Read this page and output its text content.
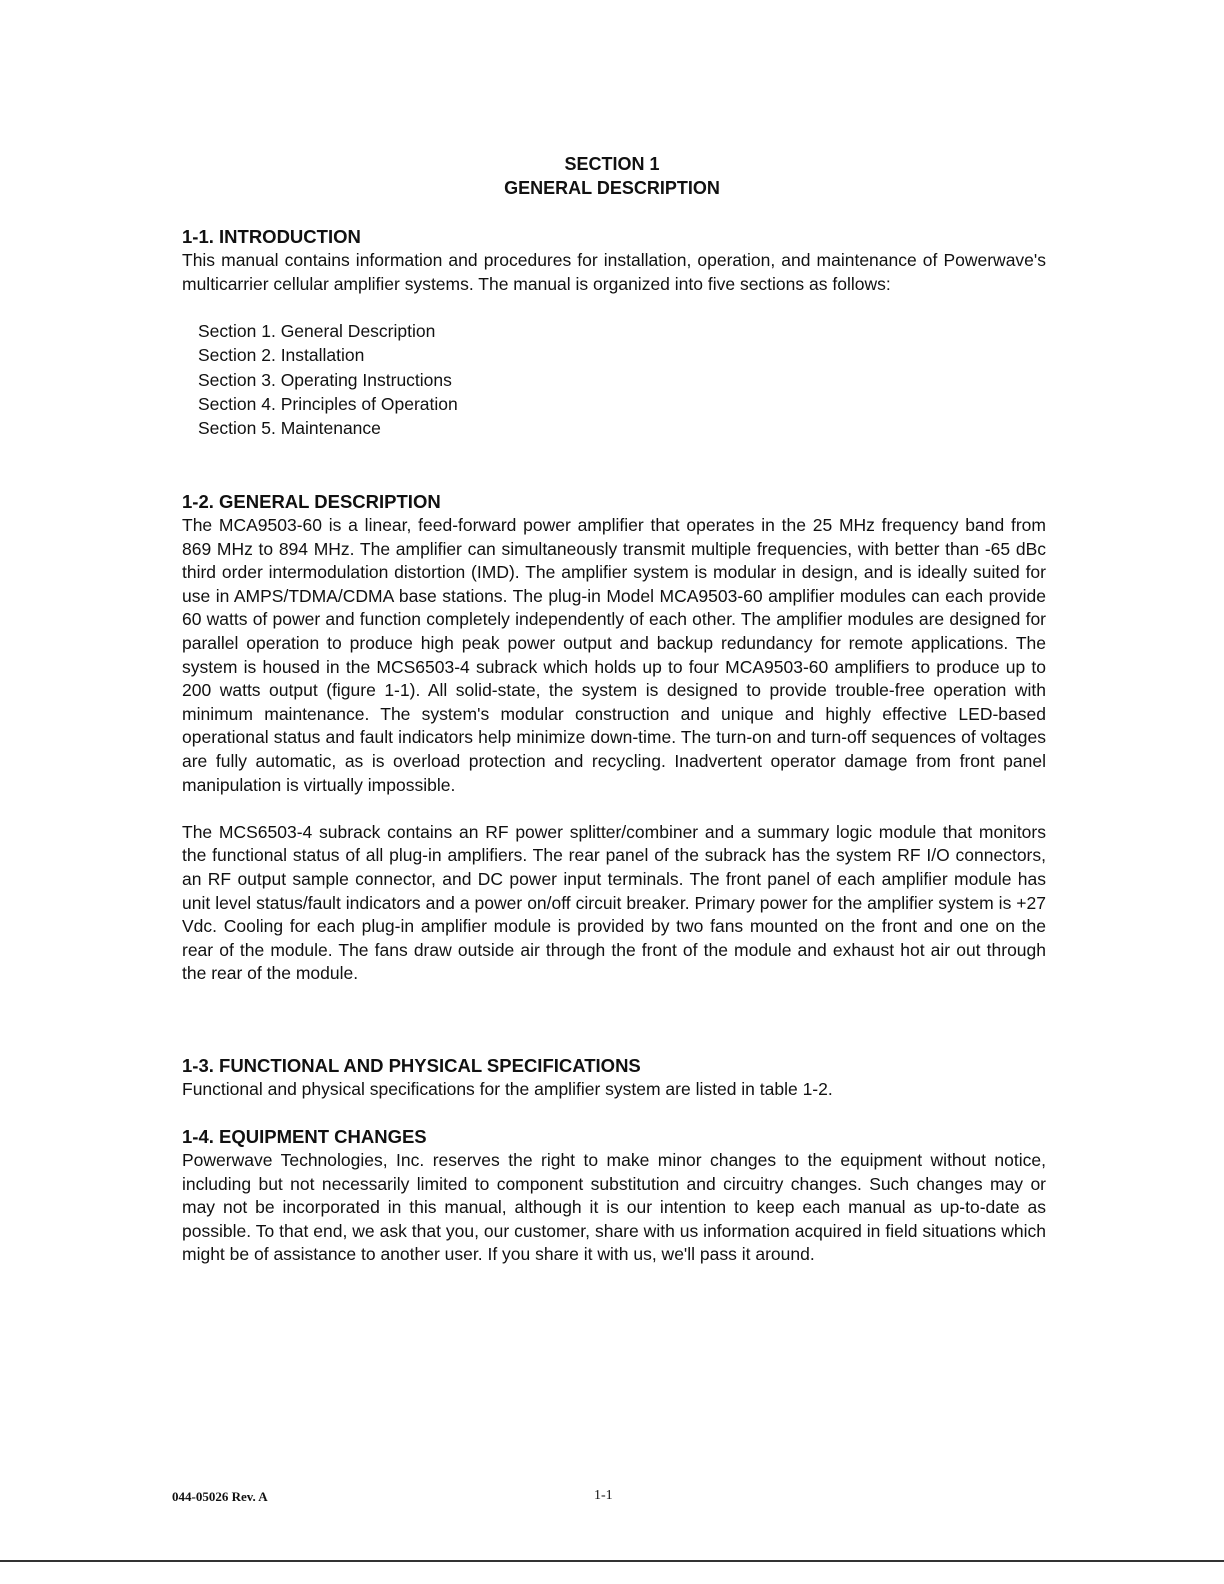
SECTION 1
GENERAL DESCRIPTION
1-1. INTRODUCTION

This manual contains information and procedures for installation, operation, and maintenance of Powerwave's multicarrier cellular amplifier systems. The manual is organized into five sections as follows:

Section 1. General Description
Section 2. Installation
Section 3. Operating Instructions
Section 4. Principles of Operation
Section 5. Maintenance
1-2. GENERAL DESCRIPTION

The MCA9503-60 is a linear, feed-forward power amplifier that operates in the 25 MHz frequency band from 869 MHz to 894 MHz. The amplifier can simultaneously transmit multiple frequencies, with better than -65 dBc third order intermodulation distortion (IMD). The amplifier system is modular in design, and is ideally suited for use in AMPS/TDMA/CDMA base stations. The plug-in Model MCA9503-60 amplifier modules can each provide 60 watts of power and function completely independently of each other. The amplifier modules are designed for parallel operation to produce high peak power output and backup redundancy for remote applications. The system is housed in the MCS6503-4 subrack which holds up to four MCA9503-60 amplifiers to produce up to 200 watts output (figure 1-1). All solid-state, the system is designed to provide trouble-free operation with minimum maintenance. The system's modular construction and unique and highly effective LED-based operational status and fault indicators help minimize down-time. The turn-on and turn-off sequences of voltages are fully automatic, as is overload protection and recycling. Inadvertent operator damage from front panel manipulation is virtually impossible.

The MCS6503-4 subrack contains an RF power splitter/combiner and a summary logic module that monitors the functional status of all plug-in amplifiers. The rear panel of the subrack has the system RF I/O connectors, an RF output sample connector, and DC power input terminals. The front panel of each amplifier module has unit level status/fault indicators and a power on/off circuit breaker. Primary power for the amplifier system is +27 Vdc. Cooling for each plug-in amplifier module is provided by two fans mounted on the front and one on the rear of the module. The fans draw outside air through the front of the module and exhaust hot air out through the rear of the module.

1-3. FUNCTIONAL AND PHYSICAL SPECIFICATIONS

Functional and physical specifications for the amplifier system are listed in table 1-2.

1-4. EQUIPMENT CHANGES

Powerwave Technologies, Inc. reserves the right to make minor changes to the equipment without notice, including but not necessarily limited to component substitution and circuitry changes. Such changes may or may not be incorporated in this manual, although it is our intention to keep each manual as up-to-date as possible. To that end, we ask that you, our customer, share with us information acquired in field situations which might be of assistance to another user. If you share it with us, we'll pass it around.

044-05026 Rev. A	1-1
